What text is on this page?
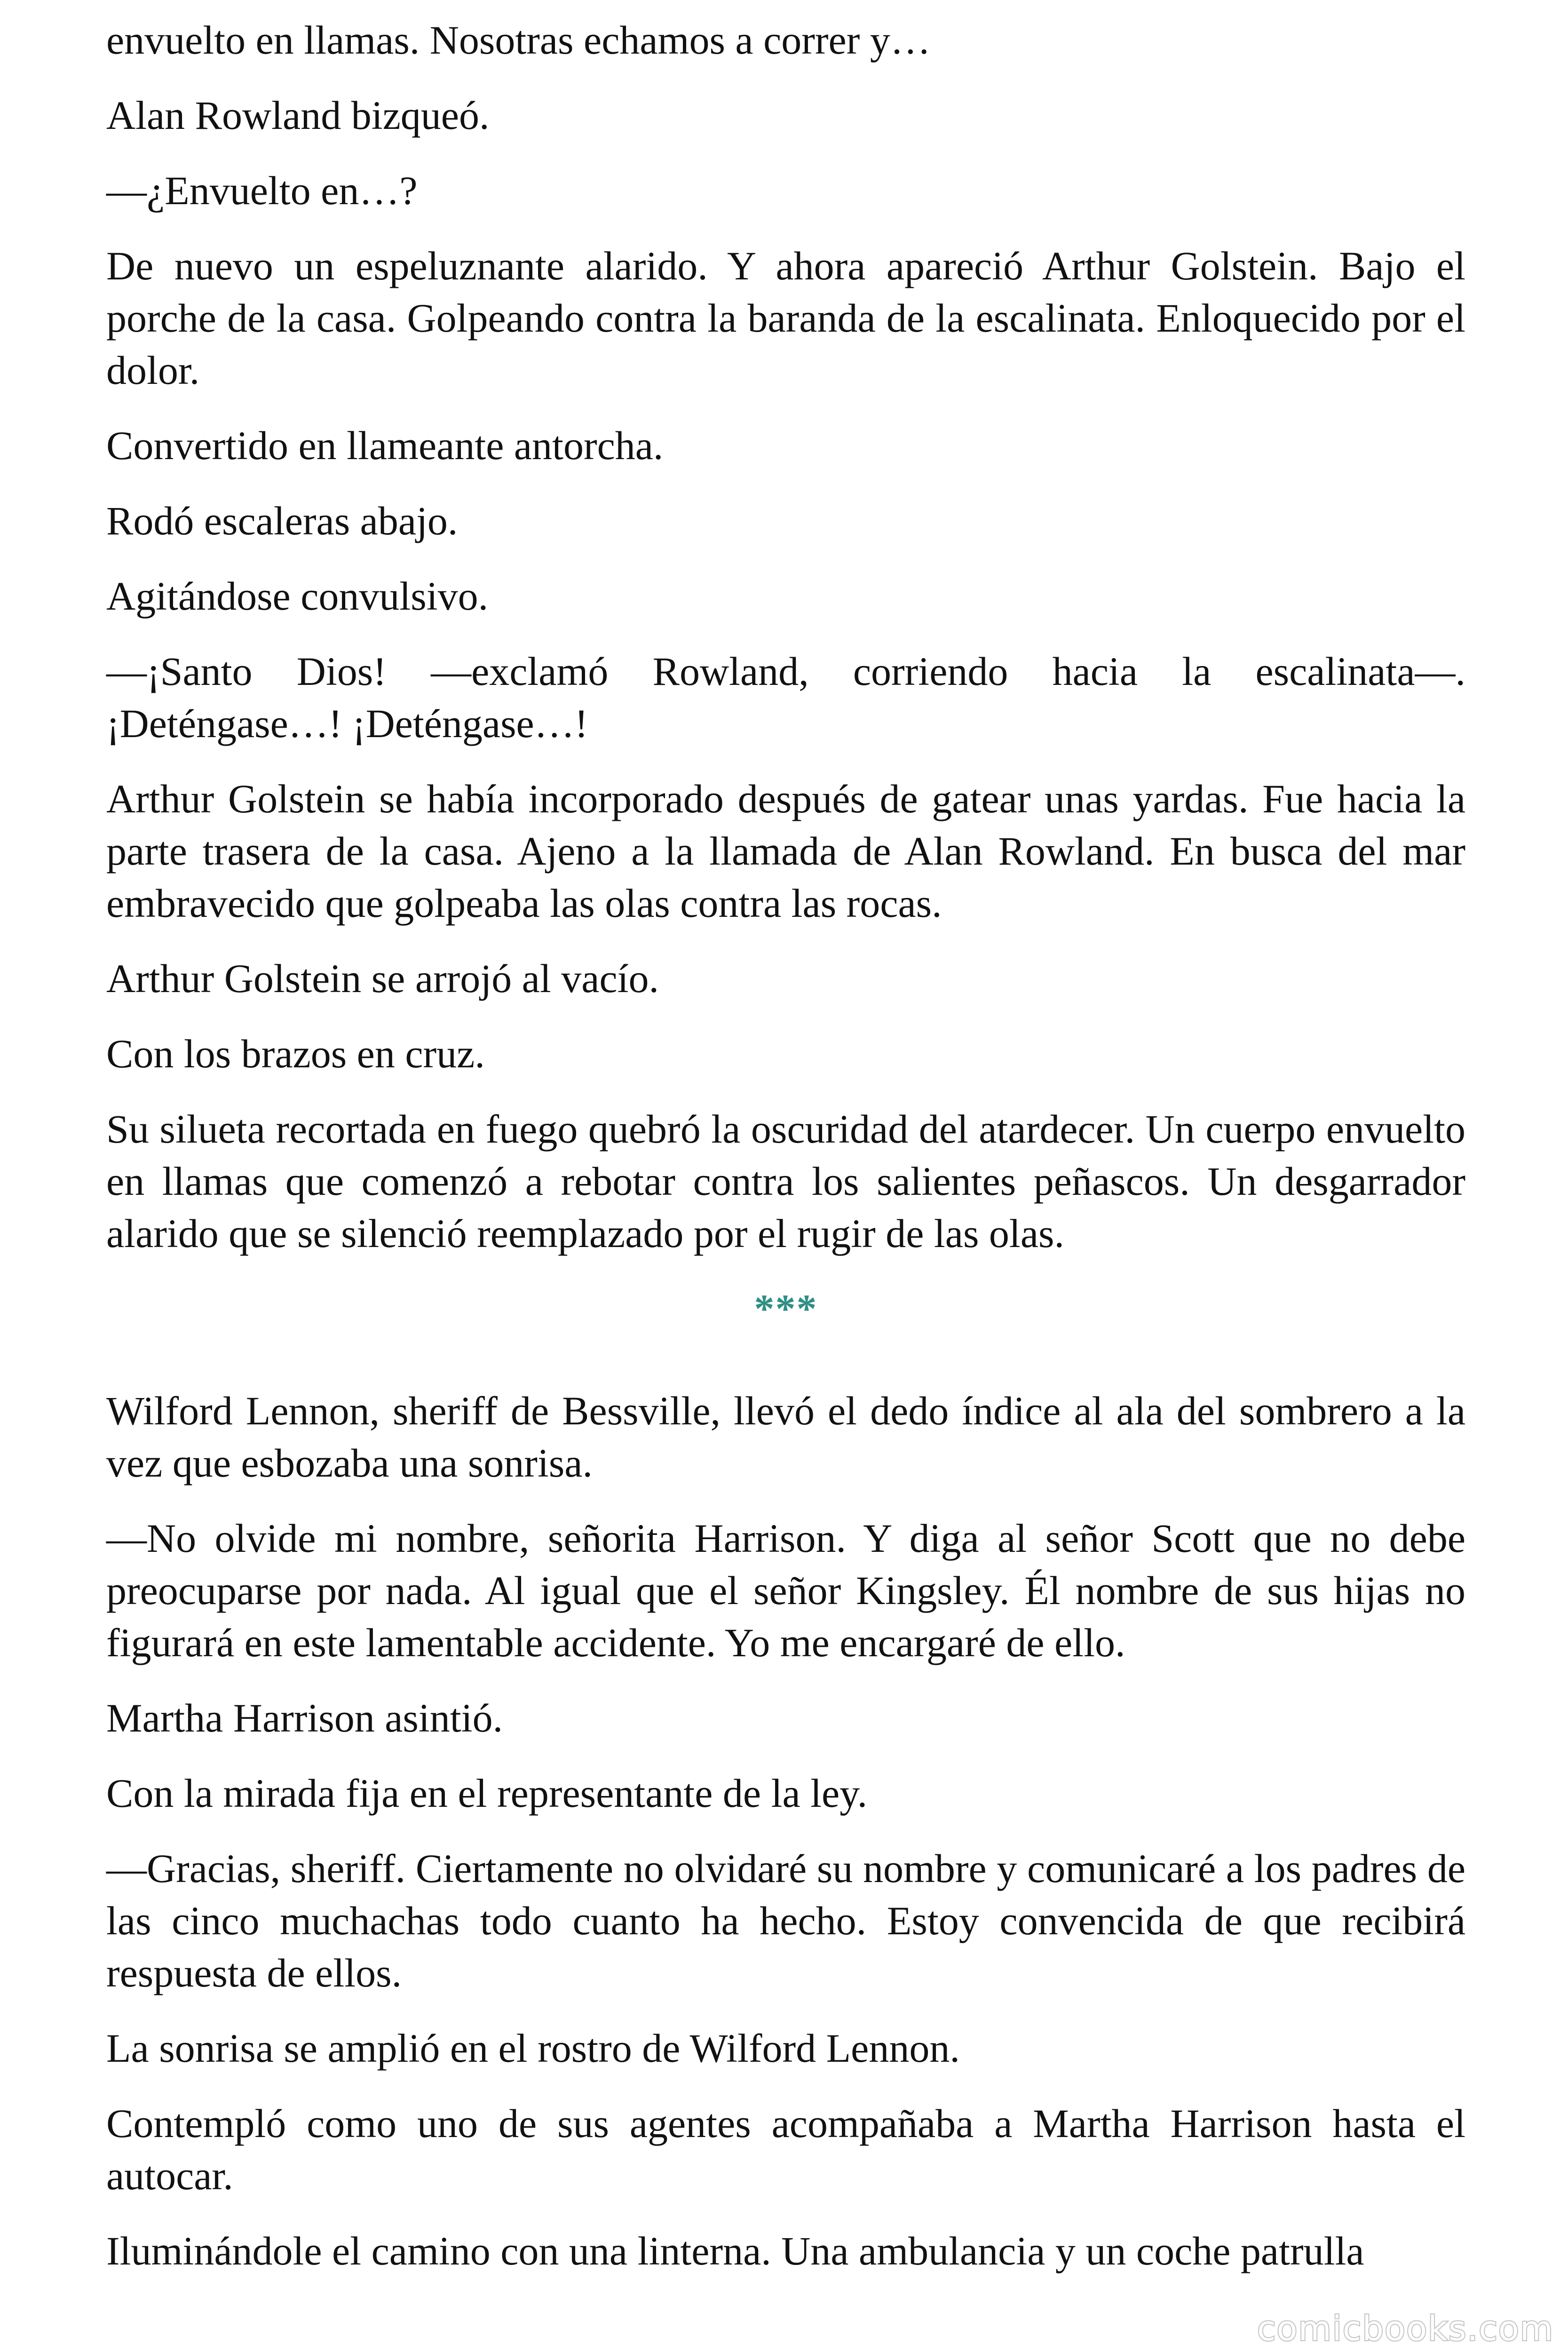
envuelto en llamas. Nosotras echamos a correr y…

Alan Rowland bizqueó.

—¿Envuelto en…?

De nuevo un espeluznante alarido. Y ahora apareció Arthur Golstein. Bajo el porche de la casa. Golpeando contra la baranda de la escalinata. Enloquecido por el dolor.

Convertido en llameante antorcha.

Rodó escaleras abajo.

Agitándose convulsivo.

—¡Santo Dios! —exclamó Rowland, corriendo hacia la escalinata—. ¡Deténgase…! ¡Deténgase…!

Arthur Golstein se había incorporado después de gatear unas yardas. Fue hacia la parte trasera de la casa. Ajeno a la llamada de Alan Rowland. En busca del mar embravecido que golpeaba las olas contra las rocas.

Arthur Golstein se arrojó al vacío.

Con los brazos en cruz.

Su silueta recortada en fuego quebró la oscuridad del atardecer. Un cuerpo envuelto en llamas que comenzó a rebotar contra los salientes peñascos. Un desgarrador alarido que se silenció reemplazado por el rugir de las olas.

***

Wilford Lennon, sheriff de Bessville, llevó el dedo índice al ala del sombrero a la vez que esbozaba una sonrisa.

—No olvide mi nombre, señorita Harrison. Y diga al señor Scott que no debe preocuparse por nada. Al igual que el señor Kingsley. Él nombre de sus hijas no figurará en este lamentable accidente. Yo me encargaré de ello.

Martha Harrison asintió.

Con la mirada fija en el representante de la ley.

—Gracias, sheriff. Ciertamente no olvidaré su nombre y comunicaré a los padres de las cinco muchachas todo cuanto ha hecho. Estoy convencida de que recibirá respuesta de ellos.

La sonrisa se amplió en el rostro de Wilford Lennon.

Contempló como uno de sus agentes acompañaba a Martha Harrison hasta el autocar.

Iluminándole el camino con una linterna. Una ambulancia y un coche patrulla

comicbooks.com
